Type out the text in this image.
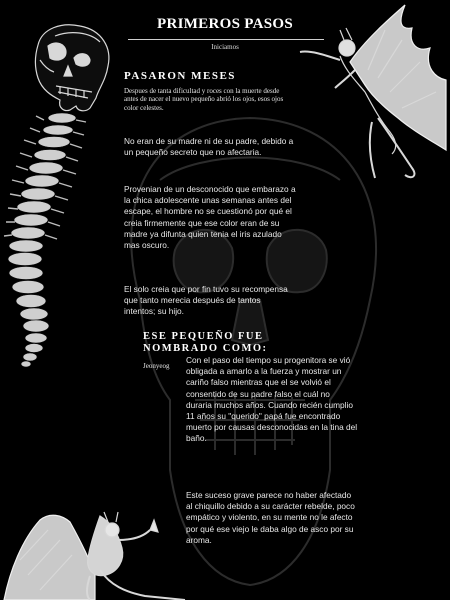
PRIMEROS PASOS
Iniciamos
PASARON MESES

Despues de tanta dificultad y roces con la muerte desde antes de nacer el nuevo pequeño abrió los ojos, esos ojos color celestes.

No eran de su madre ni de su padre, debido a un pequeño secreto que no afectaria.

Provenian de un desconocido que embarazo a la chica adolescente unas semanas antes del escape, el hombre no se cuestionó por qué el creia firmemente que ese color eran de su madre ya difunta quien tenia el iris azulado mas oscuro.

El solo creia que por fin tuvo su recompensa que tanto merecia después de tantos intentos; su hijo.

ESE PEQUEÑO FUE NOMBRADO COMO:

Jeonyeog

Con el paso del tiempo su progenitora se vió obligada a amarlo a la fuerza y mostrar un cariño falso mientras que el se volvió el consentido de su padre falso el cuál no duraria muchos años. Cuando recién cumplio 11 años su "querido" papá fue encontrado muerto por causas desconocidas en la tina del baño.

Este suceso grave parece no haber afectado al chiquillo debido a su carácter rebelde, poco empático y violento, en su mente no le afecto por qué ese viejo le daba algo de asco por su aroma.
